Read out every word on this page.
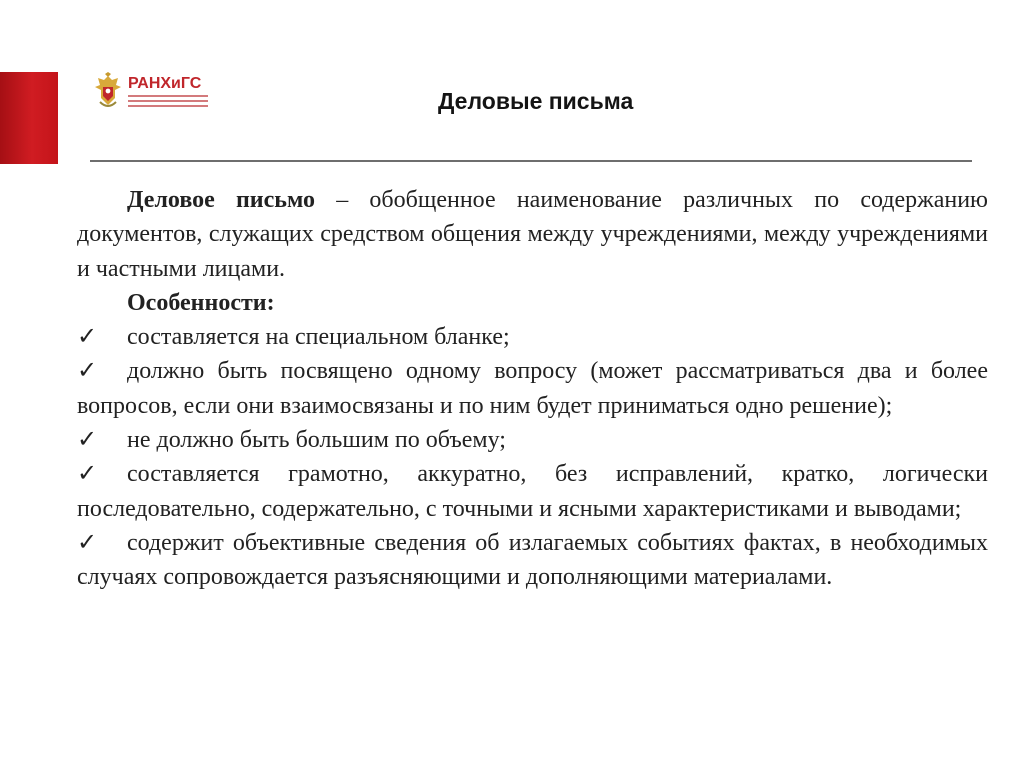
РАНХиГС
Деловые письма

Деловое письмо – обобщенное наименование различных по содержанию документов, служащих средством общения между учреждениями, между учреждениями и частными лицами.

Особенности:

✓ составляется на специальном бланке;

✓ должно быть посвящено одному вопросу (может рассматриваться два и более вопросов, если они взаимосвязаны и по ним будет приниматься одно решение);

✓ не должно быть большим по объему;

✓ составляется грамотно, аккуратно, без исправлений, кратко, логически последовательно, содержательно, с точными и ясными характеристиками и выводами;

✓ содержит объективные сведения об излагаемых событиях фактах, в необходимых случаях сопровождается разъясняющими и дополняющими материалами.
